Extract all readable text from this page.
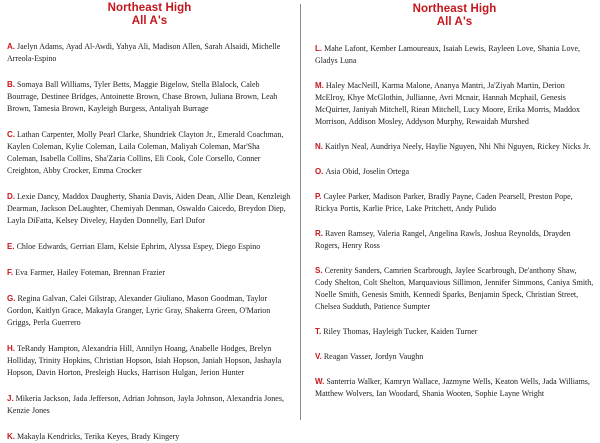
Northeast High
All A's

A. Jaelyn Adams, Ayad Al-Awdi, Yahya Ali, Madison Allen, Sarah Alsaidi, Michelle Arreola-Espino

B. Somaya Ball Williams, Tyler Betts, Maggie Bigelow, Stella Blalock, Caleb Bourrage, Destinee Bridges, Antoinette Brown, Chase Brown, Juliana Brown, Leah Brown, Tamesia Brown, Kayleigh Burgess, Antaliyah Burrage

C. Lathan Carpenter, Molly Pearl Clarke, Shundriek Clayton Jr., Emerald Coachman, Kaylen Coleman, Kylie Coleman, Laila Coleman, Maliyah Coleman, Mar'Sha Coleman, Isabella Collins, Sha'Zaria Collins, Eli Cook, Cole Corsello, Conner Creighton, Abby Crocker, Emma Crocker

D. Lexie Dancy, Maddox Daugherty, Shania Davis, Aiden Dean, Allie Dean, Kenzleigh Dearman, Jackson DeLaughter, Chemiyah Denman, Oswaldo Caicedo, Breydon Diep, Layla DiFatta, Kelsey Diveley, Hayden Donnelly, Earl Dufor

E. Chloe Edwards, Gerrian Elam, Kelsie Ephrim, Alyssa Espey, Diego Espino

F. Eva Farmer, Hailey Foteman, Brennan Frazier

G. Regina Galvan, Calei Gilstrap, Alexander Giuliano, Mason Goodman, Taylor Gordon, Kaitlyn Grace, Makayla Granger, Lyric Gray, Shakerra Green, O'Marion Griggs, Perla Guerrero

H. TeRandy Hampton, Alexandria Hill, Annilyn Hoang, Anabelle Hodges, Brelyn Holliday, Trinity Hopkins, Christian Hopson, Isiah Hopson, Janiah Hopson, Jashayla Hopson, Davin Horton, Presleigh Hucks, Harrison Hulgan, Jerion Hunter

J. Mikeria Jackson, Jada Jefferson, Adrian Johnson, Jayla Johnson, Alexandria Jones, Kenzie Jones

K. Makayla Kendricks, Terika Keyes, Brady Kingery

Northeast High
All A's

L. Mahe Lafont, Kember Lamoureaux, Isaiah Lewis, Rayleen Love, Shania Love, Gladys Luna

M. Haley MacNeill, Karma Malone, Ananya Mantri, Ja'Ziyah Martin, Derion McElroy, Khye McGlothin, Jullianne, Avri Mcnair, Hannah Mcphail, Genesis McQuirter, Janiyah Mitchell, Riean Mitchell, Lucy Moore, Erika Morris, Maddox Morrison, Addison Mosley, Addyson Murphy, Rewaidah Murshed

N. Kaitlyn Neal, Aundriya Neely, Haylie Nguyen, Nhi Nhi Nguyen, Rickey Nicks Jr.

O. Asia Obid, Joselin Ortega

P. Caylee Parker, Madison Parker, Bradly Payne, Caden Pearsell, Preston Pope, Rickya Portis, Karlie Price, Lake Pritchett, Andy Pulido

R. Raven Ramsey, Valeria Rangel, Angelina Rawls, Joshua Reynolds, Drayden Rogers, Henry Ross

S. Cerenity Sanders, Camrien Scarbrough, Jaylee Scarbrough, De'anthony Shaw, Cody Shelton, Colt Shelton, Marquavious Sillimon, Jennifer Simmons, Caniya Smith, Noelle Smith, Genesis Smith, Kennedi Sparks, Benjamin Speck, Christian Street, Chelsea Sudduth, Patience Sumpter

T. Riley Thomas, Hayleigh Tucker, Kaiden Turner

V. Reagan Vasser, Jordyn Vaughn

W. Santerria Walker, Kamryn Wallace, Jazmyne Wells, Keaton Wells, Jada Williams, Matthew Wolvers, Ian Woodard, Shania Wooten, Sophie Layne Wright
